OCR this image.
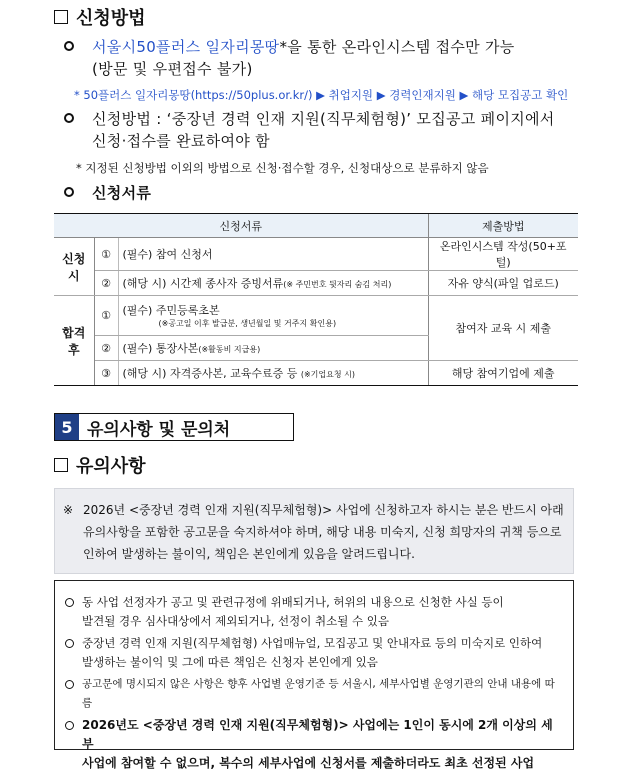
신청방법
서울시50플러스 일자리몽땅*을 통한 온라인시스템 접수만 가능
(방문 및 우편접수 불가)
* 50플러스 일자리몽땅(https://50plus.or.kr/) ▶ 취업지원 ▶ 경력인재지원 ▶ 해당 모집공고 확인
신청방법 : ‘중장년 경력 인재 지원(직무체험형)’ 모집공고 페이지에서
신청·접수를 완료하여야 함
* 지정된 신청방법 이외의 방법으로 신청·접수할 경우, 신청대상으로 분류하지 않음
신청서류
신청서류			제출방법
신청시	①	(필수) 참여 신청서	온라인시스템 작성(50+포털)
	②	(해당 시) 시간제 종사자 증빙서류(※ 주민번호 뒷자리 숨김 처리)	자유 양식(파일 업로드)
합격후	①	(필수) 주민등록초본
(※공고일 이후 발급분, 생년월일 및 거주지 확인용)	참여자 교육 시 제출
	②	(필수) 통장사본(※활동비 지급용)	
	③	(해당 시) 자격증사본, 교육수료증 등 (※기업요청 시)	해당 참여기업에 제출
5 유의사항 및 문의처
유의사항
※ 2026년 <중장년 경력 인재 지원(직무체험형)> 사업에 신청하고자 하시는 분은 반드시 아래
유의사항을 포함한 공고문을 숙지하셔야 하며, 해당 내용 미숙지, 신청 희망자의 귀책 등으로
인하여 발생하는 불이익, 책임은 본인에게 있음을 알려드립니다.
동 사업 선정자가 공고 및 관련규정에 위배되거나, 허위의 내용으로 신청한 사실 등이
발견될 경우 심사대상에서 제외되거나, 선정이 취소될 수 있음
중장년 경력 인재 지원(직무체험형) 사업매뉴얼, 모집공고 및 안내자료 등의 미숙지로 인하여
발생하는 불이익 및 그에 따른 책임은 신청자 본인에게 있음
공고문에 명시되지 않은 사항은 향후 사업별 운영기준 등 서울시, 세부사업별 운영기관의 안내 내용에 따름
2026년도 <중장년 경력 인재 지원(직무체험형)> 사업에는 1인이 동시에 2개 이상의 세부
사업에 참여할 수 없으며, 복수의 세부사업에 신청서를 제출하더라도 최초 선정된 사업
